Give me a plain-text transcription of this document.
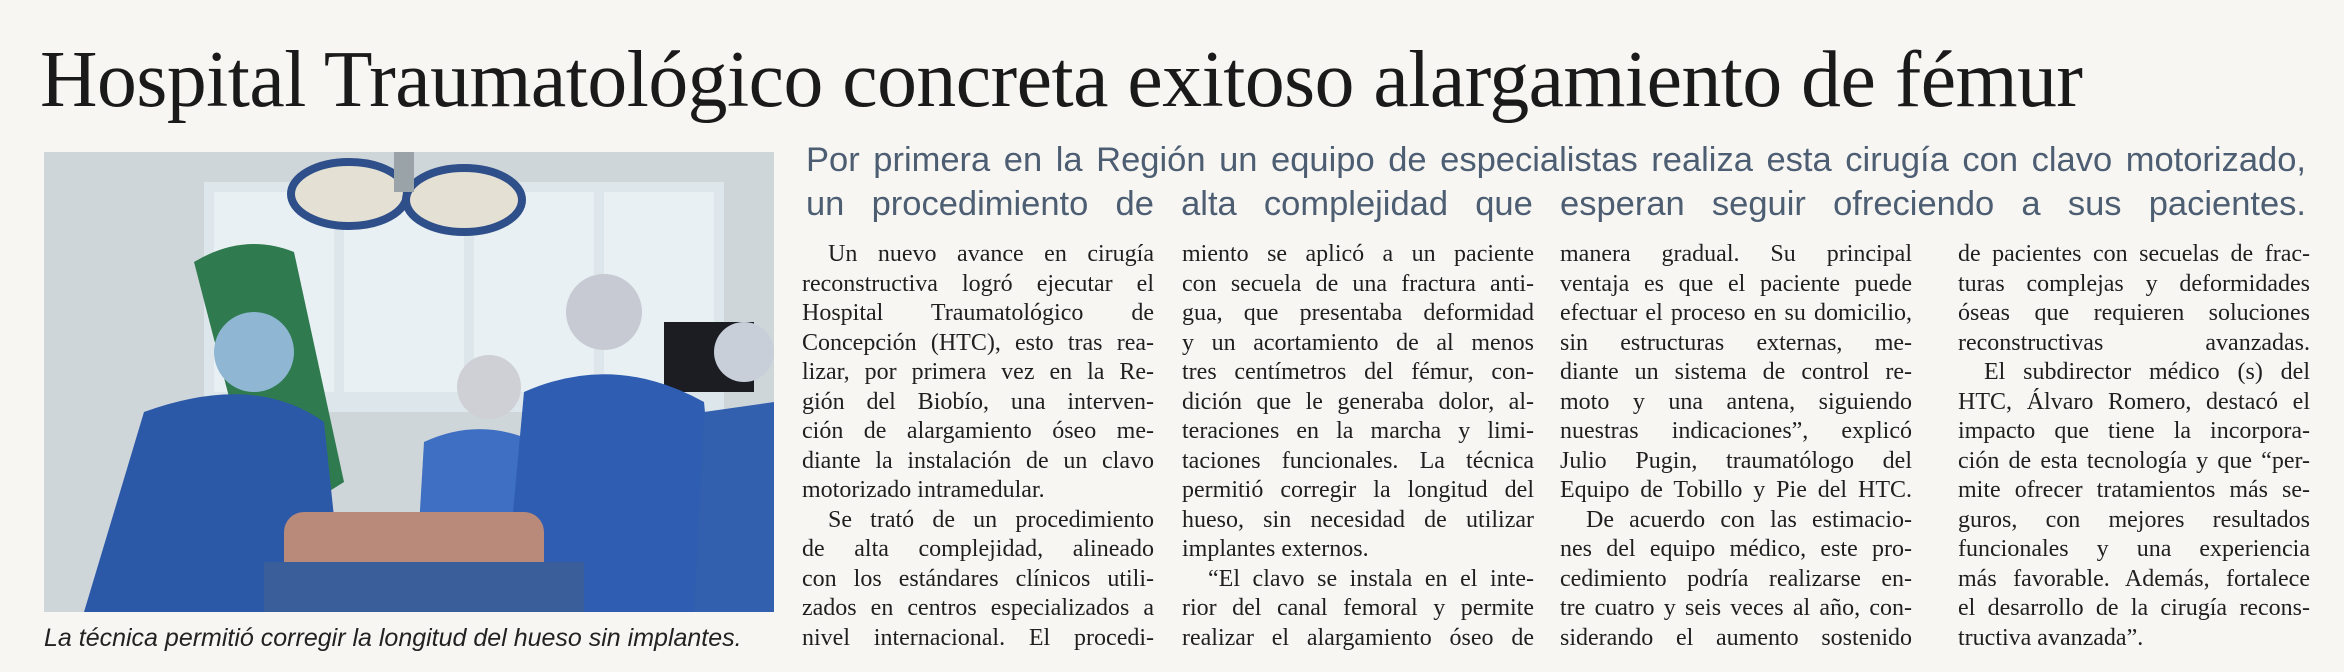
Hospital Traumatológico concreta exitoso alargamiento de fémur

La técnica permitió corregir la longitud del hueso sin implantes.

Por primera en la Región un equipo de especialistas realiza esta cirugía con clavo motorizado,
un procedimiento de alta complejidad que esperan seguir ofreciendo a sus pacientes.
Un nuevo avance en cirugía
reconstructiva logró ejecutar el
Hospital Traumatológico de
Concepción (HTC), esto tras rea-
lizar, por primera vez en la Re-
gión del Biobío, una interven-
ción de alargamiento óseo me-
diante la instalación de un clavo
motorizado intramedular.
Se trató de un procedimiento
de alta complejidad, alineado
con los estándares clínicos utili-
zados en centros especializados a
nivel internacional. El procedi-
miento se aplicó a un paciente
con secuela de una fractura anti-
gua, que presentaba deformidad
y un acortamiento de al menos
tres centímetros del fémur, con-
dición que le generaba dolor, al-
teraciones en la marcha y limi-
taciones funcionales. La técnica
permitió corregir la longitud del
hueso, sin necesidad de utilizar
implantes externos.
“El clavo se instala en el inte-
rior del canal femoral y permite
realizar el alargamiento óseo de
manera gradual. Su principal
ventaja es que el paciente puede
efectuar el proceso en su domicilio,
sin estructuras externas, me-
diante un sistema de control re-
moto y una antena, siguiendo
nuestras indicaciones”, explicó
Julio Pugin, traumatólogo del
Equipo de Tobillo y Pie del HTC.
De acuerdo con las estimacio-
nes del equipo médico, este pro-
cedimiento podría realizarse en-
tre cuatro y seis veces al año, con-
siderando el aumento sostenido
de pacientes con secuelas de frac-
turas complejas y deformidades
óseas que requieren soluciones
reconstructivas avanzadas.
El subdirector médico (s) del
HTC, Álvaro Romero, destacó el
impacto que tiene la incorpora-
ción de esta tecnología y que “per-
mite ofrecer tratamientos más se-
guros, con mejores resultados
funcionales y una experiencia
más favorable. Además, fortalece
el desarrollo de la cirugía recons-
tructiva avanzada”.
